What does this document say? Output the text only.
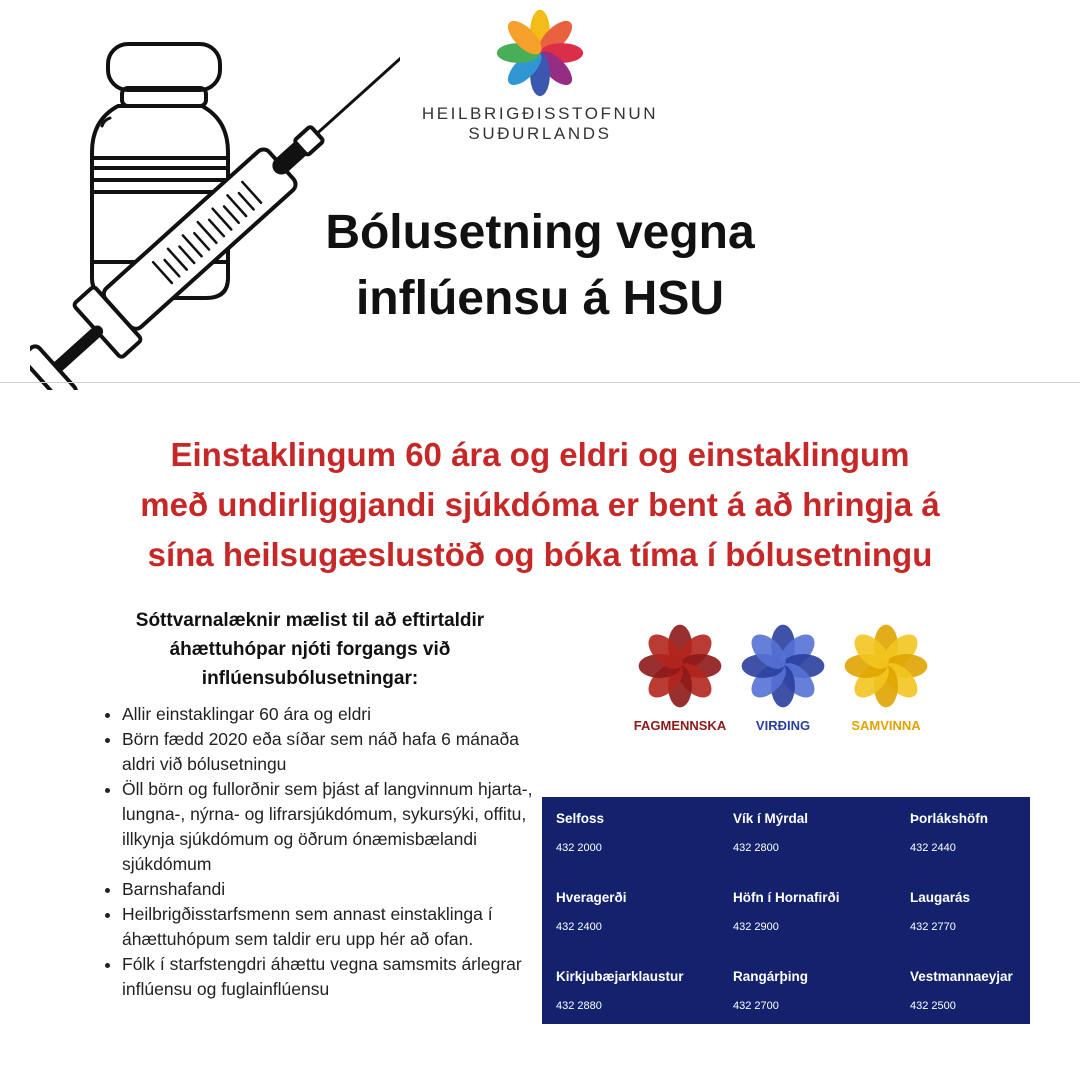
HEILBRIGÐISSTOFNUN
SUÐURLANDS
Bólusetning vegna
inflúensu á HSU
Einstaklingum 60 ára og eldri og einstaklingum
með undirliggjandi sjúkdóma er bent á að hringja á
sína heilsugæslustöð og bóka tíma í bólusetningu
Sóttvarnalæknir mælist til að eftirtaldir
áhættuhópar njóti forgangs við
inflúensubólusetningar:
• Allir einstaklingar 60 ára og eldri
• Börn fædd 2020 eða síðar sem náð hafa 6 mánaða aldri við bólusetningu
• Öll börn og fullorðnir sem þjást af langvinnum hjarta-, lungna-, nýrna- og lifrarsjúkdómum, sykursýki, offitu, illkynja sjúkdómum og öðrum ónæmisbælandi sjúkdómum
• Barnshafandi
• Heilbrigðisstarfsmenn sem annast einstaklinga í áhættuhópum sem taldir eru upp hér að ofan.
• Fólk í starfstengdri áhættu vegna samsmits árlegrar inflúensu og fuglainflúensu
FAGMENNSKA	VIRÐING	SAMVINNA
Selfoss
432 2000
Vík í Mýrdal
432 2800
Þorlákshöfn
432 2440
Hveragerði
432 2400
Höfn í Hornafirði
432 2900
Laugarás
432 2770
Kirkjubæjarklaustur
432 2880
Rangárþing
432 2700
Vestmannaeyjar
432 2500
